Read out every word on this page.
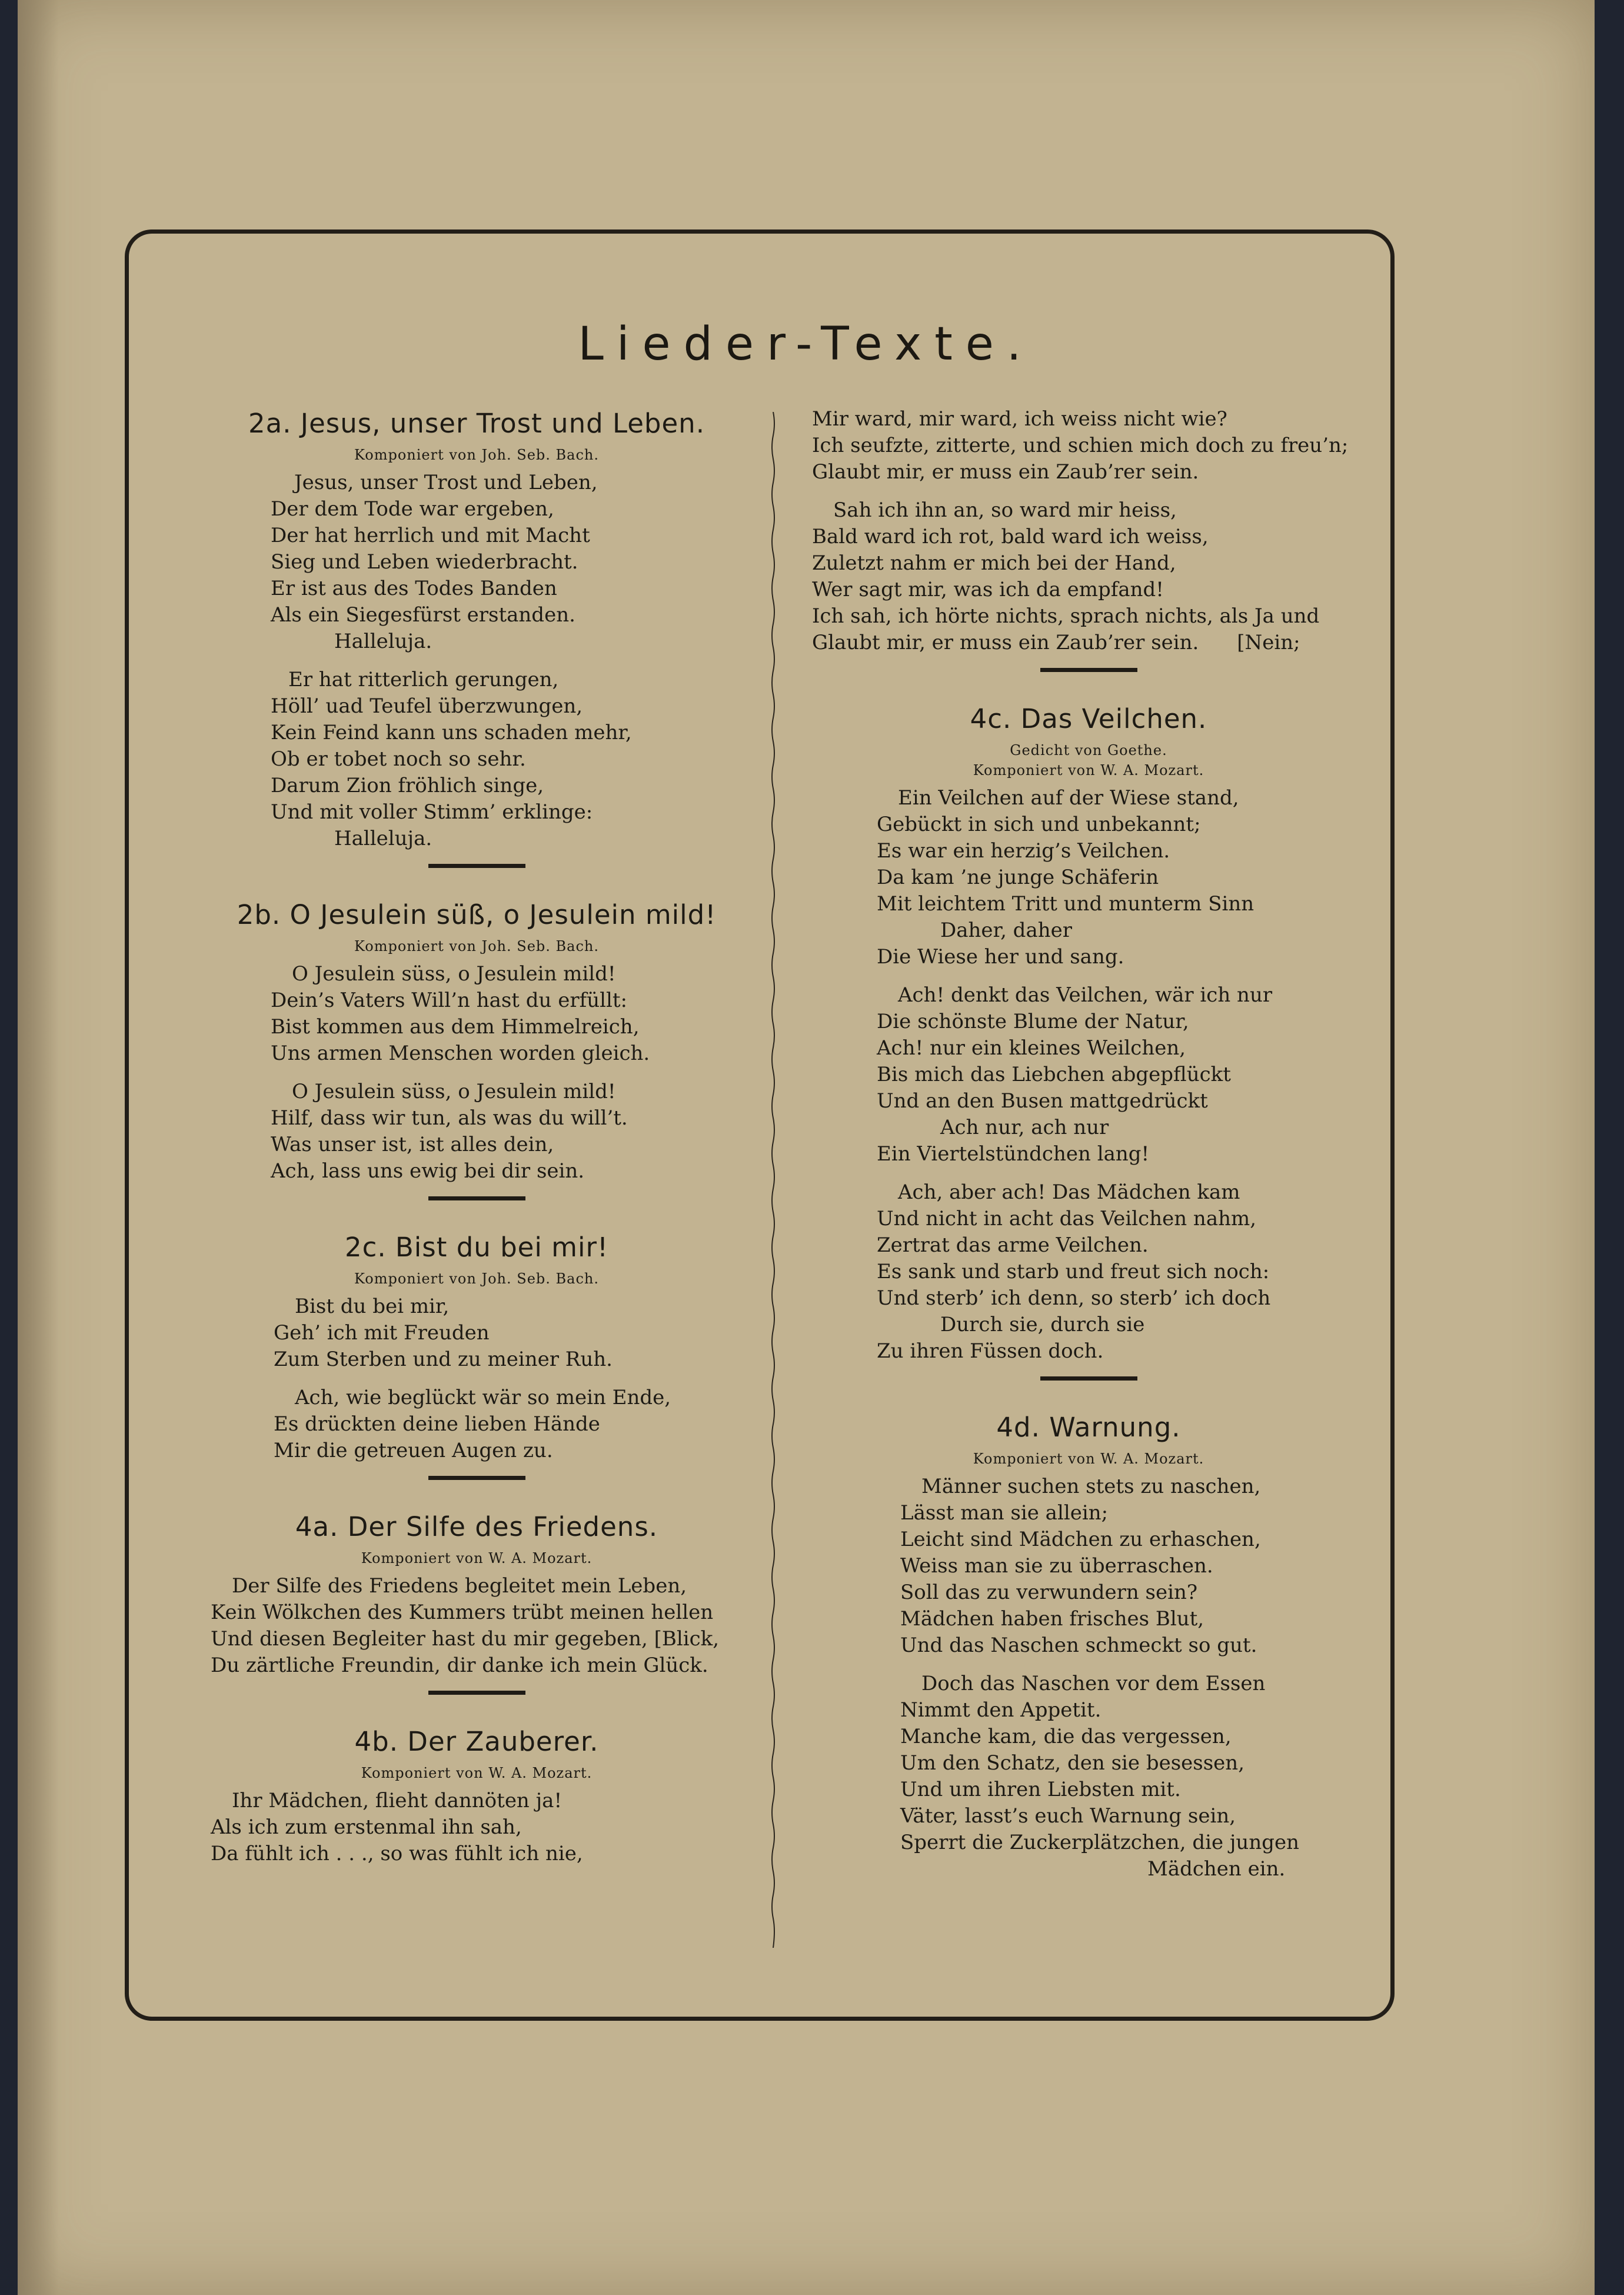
Lieder-Texte.
2a. Jesus, unser Trost und Leben.
Komponiert von Joh. Seb. Bach.
Jesus, unser Trost und Leben,
Der dem Tode war ergeben,
Der hat herrlich und mit Macht
Sieg und Leben wiederbracht.
Er ist aus des Todes Banden
Als ein Siegesfürst erstanden.
Halleluja.
Er hat ritterlich gerungen,
Höll’ uad Teufel überzwungen,
Kein Feind kann uns schaden mehr,
Ob er tobet noch so sehr.
Darum Zion fröhlich singe,
Und mit voller Stimm’ erklinge:
Halleluja.
2b. O Jesulein süß, o Jesulein mild!
Komponiert von Joh. Seb. Bach.
O Jesulein süss, o Jesulein mild!
Dein’s Vaters Will’n hast du erfüllt:
Bist kommen aus dem Himmelreich,
Uns armen Menschen worden gleich.
O Jesulein süss, o Jesulein mild!
Hilf, dass wir tun, als was du will’t.
Was unser ist, ist alles dein,
Ach, lass uns ewig bei dir sein.
2c. Bist du bei mir!
Komponiert von Joh. Seb. Bach.
Bist du bei mir,
Geh’ ich mit Freuden
Zum Sterben und zu meiner Ruh.
Ach, wie beglückt wär so mein Ende,
Es drückten deine lieben Hände
Mir die getreuen Augen zu.
4a. Der Silfe des Friedens.
Komponiert von W. A. Mozart.
Der Silfe des Friedens begleitet mein Leben,
Kein Wölkchen des Kummers trübt meinen hellen
Und diesen Begleiter hast du mir gegeben, [Blick,
Du zärtliche Freundin, dir danke ich mein Glück.
4b. Der Zauberer.
Komponiert von W. A. Mozart.
Ihr Mädchen, flieht dannöten ja!
Als ich zum erstenmal ihn sah,
Da fühlt ich . . ., so was fühlt ich nie,
Mir ward, mir ward, ich weiss nicht wie?
Ich seufzte, zitterte, und schien mich doch zu freu’n;
Glaubt mir, er muss ein Zaub’rer sein.
Sah ich ihn an, so ward mir heiss,
Bald ward ich rot, bald ward ich weiss,
Zuletzt nahm er mich bei der Hand,
Wer sagt mir, was ich da empfand!
Ich sah, ich hörte nichts, sprach nichts, als Ja und
Glaubt mir, er muss ein Zaub’rer sein.      [Nein;
4c. Das Veilchen.
Gedicht von Goethe.
Komponiert von W. A. Mozart.
Ein Veilchen auf der Wiese stand,
Gebückt in sich und unbekannt;
Es war ein herzig’s Veilchen.
Da kam ’ne junge Schäferin
Mit leichtem Tritt und munterm Sinn
Daher, daher
Die Wiese her und sang.
Ach! denkt das Veilchen, wär ich nur
Die schönste Blume der Natur,
Ach! nur ein kleines Weilchen,
Bis mich das Liebchen abgepflückt
Und an den Busen mattgedrückt
Ach nur, ach nur
Ein Viertelstündchen lang!
Ach, aber ach! Das Mädchen kam
Und nicht in acht das Veilchen nahm,
Zertrat das arme Veilchen.
Es sank und starb und freut sich noch:
Und sterb’ ich denn, so sterb’ ich doch
Durch sie, durch sie
Zu ihren Füssen doch.
4d. Warnung.
Komponiert von W. A. Mozart.
Männer suchen stets zu naschen,
Lässt man sie allein;
Leicht sind Mädchen zu erhaschen,
Weiss man sie zu überraschen.
Soll das zu verwundern sein?
Mädchen haben frisches Blut,
Und das Naschen schmeckt so gut.
Doch das Naschen vor dem Essen
Nimmt den Appetit.
Manche kam, die das vergessen,
Um den Schatz, den sie besessen,
Und um ihren Liebsten mit.
Väter, lasst’s euch Warnung sein,
Sperrt die Zuckerplätzchen, die jungen
Mädchen ein.
